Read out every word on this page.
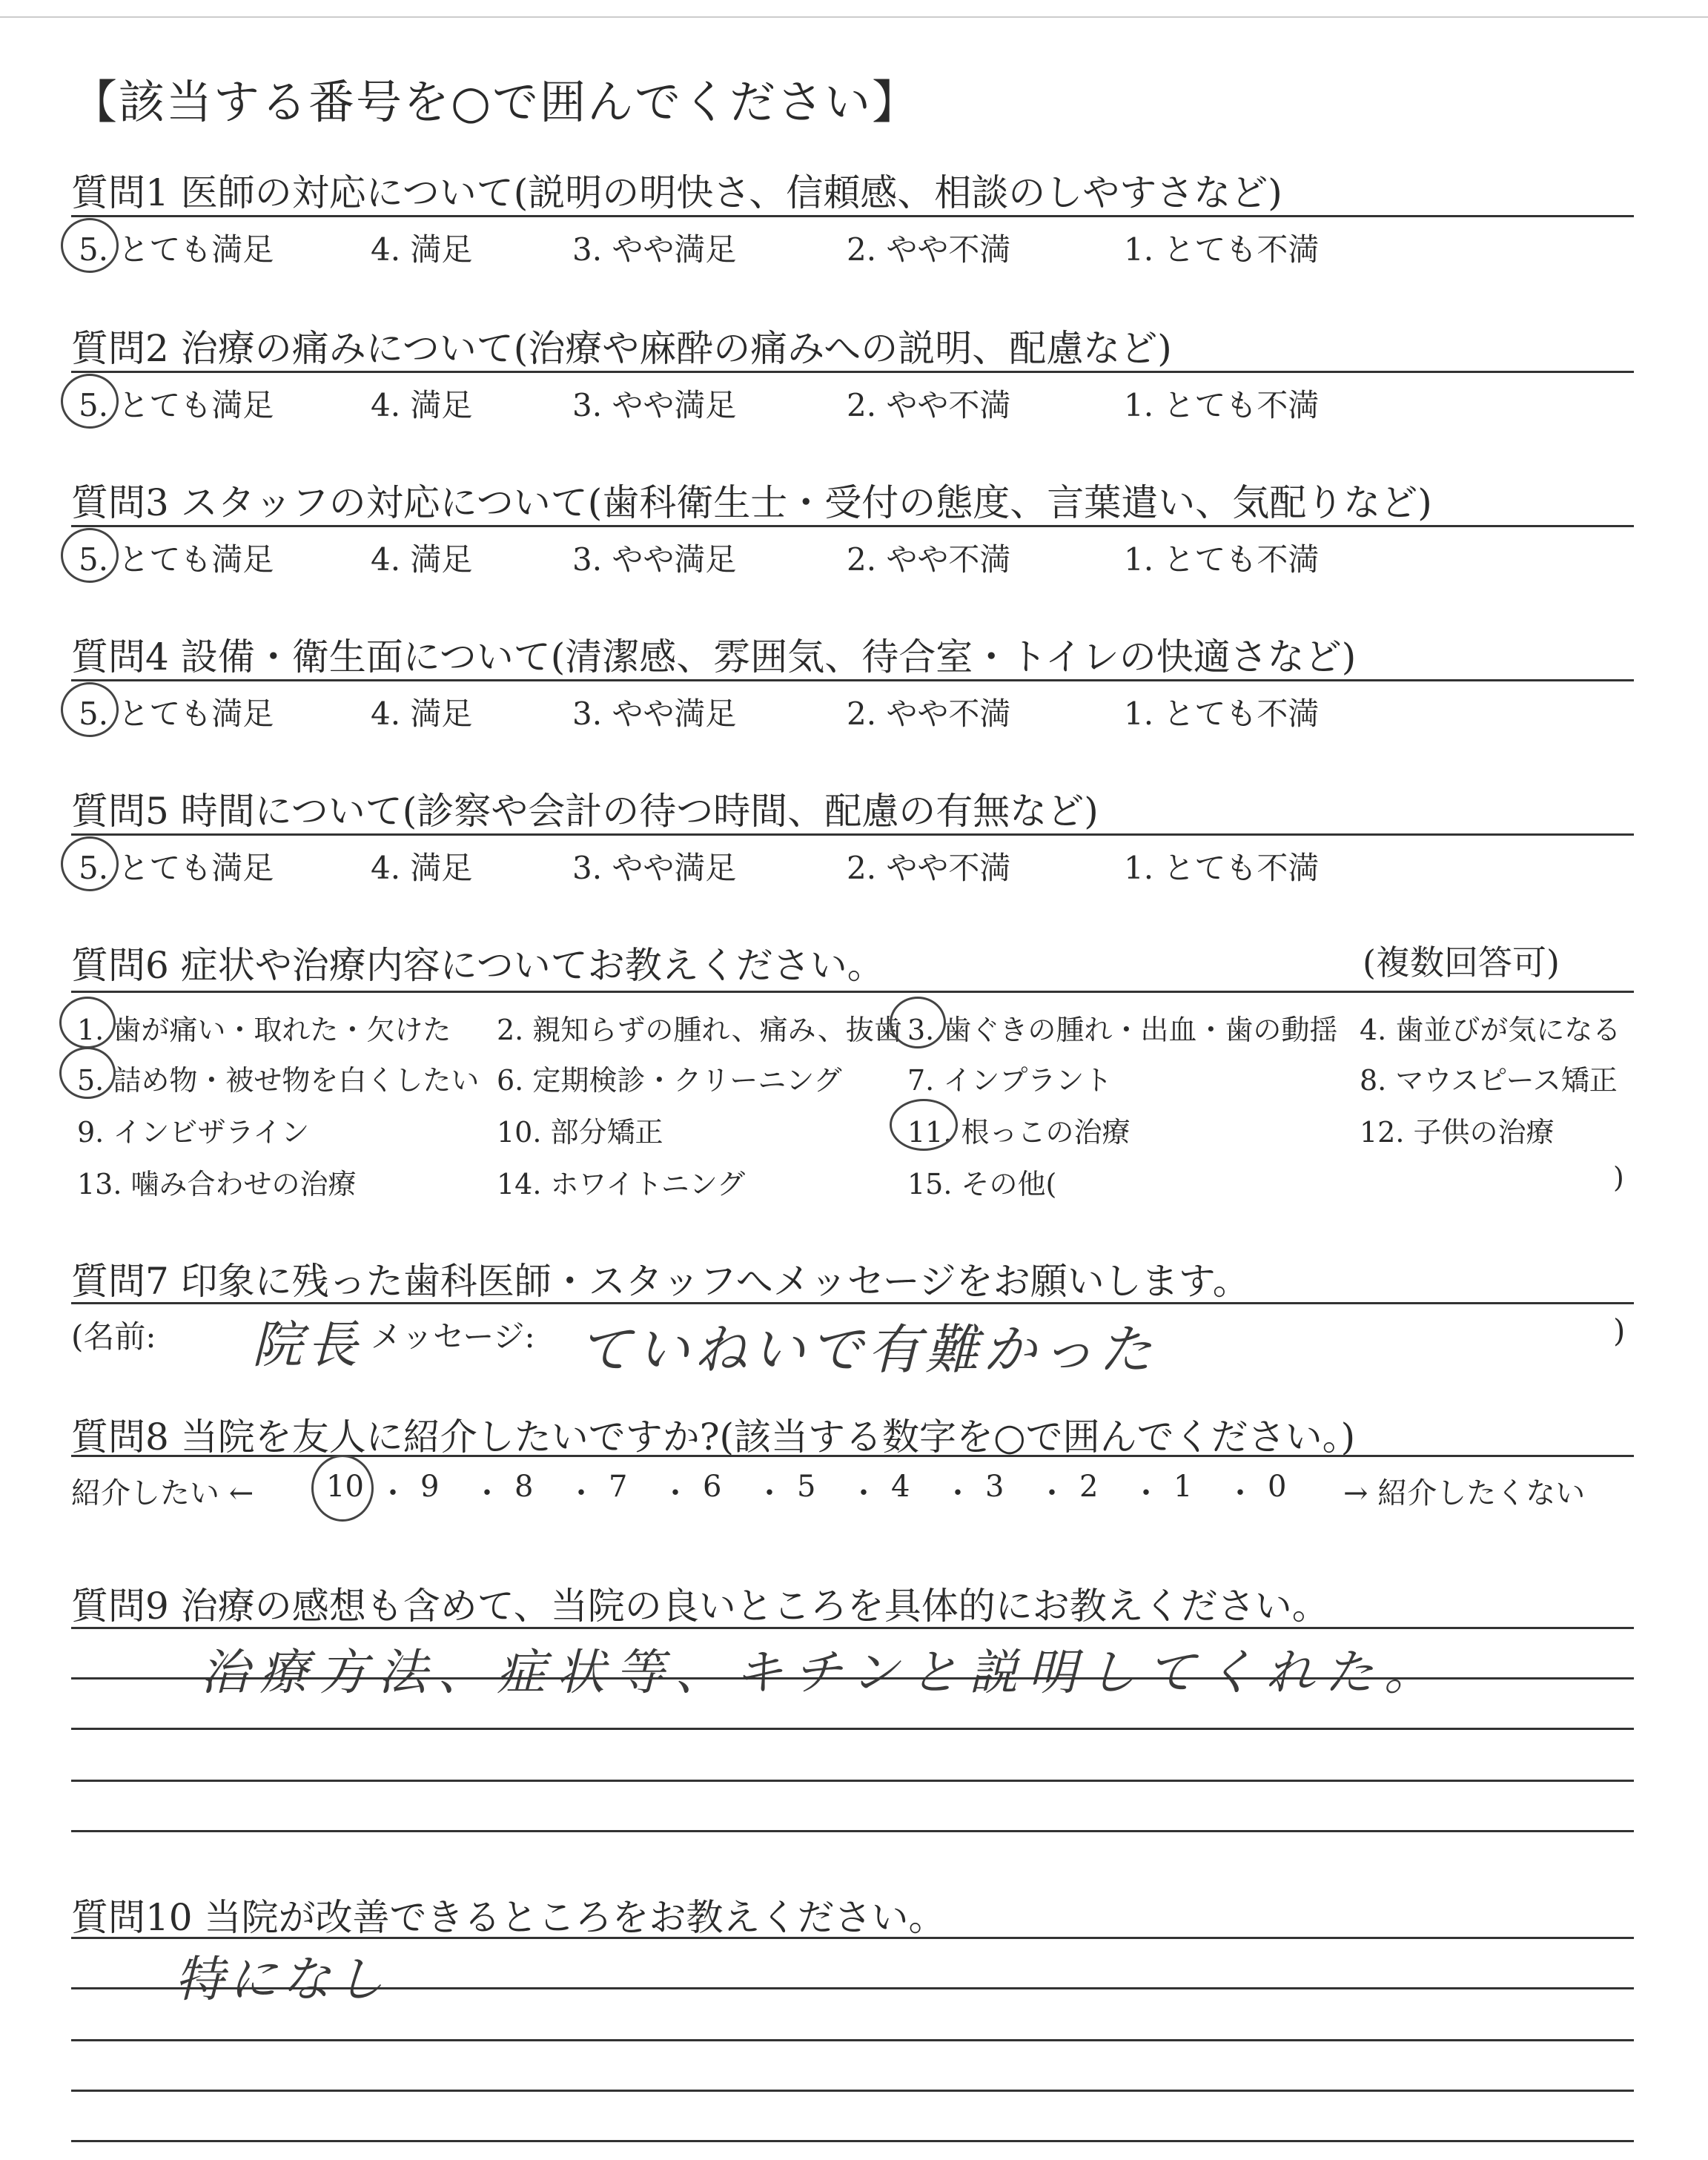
【該当する番号を○で囲んでください】
質問1 医師の対応について(説明の明快さ、信頼感、相談のしやすさなど)
5. とても満足	4. 満足	3. やや満足	2. やや不満	1. とても不満
質問2 治療の痛みについて(治療や麻酔の痛みへの説明、配慮など)
5. とても満足	4. 満足	3. やや満足	2. やや不満	1. とても不満
質問3 スタッフの対応について(歯科衛生士・受付の態度、言葉遣い、気配りなど)
5. とても満足	4. 満足	3. やや満足	2. やや不満	1. とても不満
質問4 設備・衛生面について(清潔感、雰囲気、待合室・トイレの快適さなど)
5. とても満足	4. 満足	3. やや満足	2. やや不満	1. とても不満
質問5 時間について(診察や会計の待つ時間、配慮の有無など)
5. とても満足	4. 満足	3. やや満足	2. やや不満	1. とても不満
質問6 症状や治療内容についてお教えください。	(複数回答可)
1. 歯が痛い・取れた・欠けた 2. 親知らずの腫れ、痛み、抜歯 3. 歯ぐきの腫れ・出血・歯の動揺 4. 歯並びが気になる
5. 詰め物・被せ物を白くしたい 6. 定期検診・クリーニング 7. インプラント	8. マウスピース矯正
9. インビザライン	10. 部分矯正	11. 根っこの治療	12. 子供の治療
13. 噛み合わせの治療	14. ホワイトニング	15. その他(	)
質問7 印象に残った歯科医師・スタッフへメッセージをお願いします。
(名前: 院長 メッセージ: ていねいで有難かった	)
質問8 当院を友人に紹介したいですか?(該当する数字を○で囲んでください。)
紹介したい ← 10 ・ 9 ・ 8 ・ 7 ・ 6 ・ 5 ・ 4 ・ 3 ・ 2 ・ 1 ・ 0 → 紹介したくない
質問9 治療の感想も含めて、当院の良いところを具体的にお教えください。
治療方法、症状等、キチンと説明してくれた。
質問10 当院が改善できるところをお教えください。
特になし
